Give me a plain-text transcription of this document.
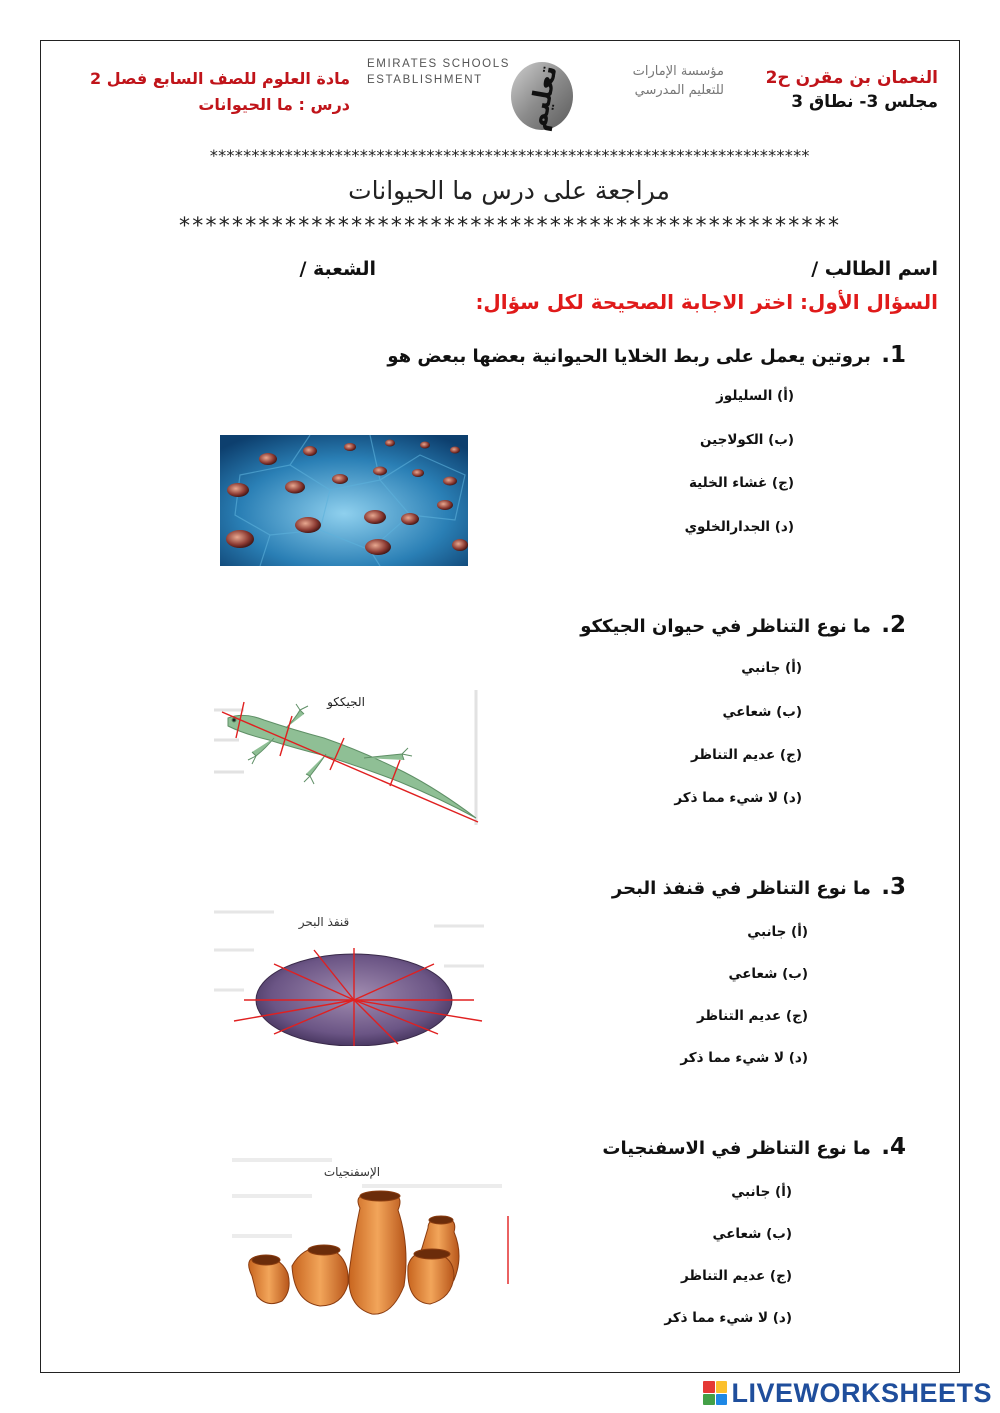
النعمان بن مقرن ح2
مجلس 3- نطاق 3
مادة العلوم للصف السابع فصل 2
درس : ما الحيوانات
EMIRATES SCHOOLS
ESTABLISHMENT	تعليم	مؤسسة الإمارات
للتعليم المدرسي
************************************************************************
مراجعة على درس ما الحيوانات
**************************************************
اسم الطالب /
الشعبة /
السؤال الأول: اختر الاجابة الصحيحة لكل سؤال:
1. بروتين يعمل على ربط الخلايا الحيوانية بعضها ببعض هو
(أ) السليلوز
(ب) الكولاجين
(ج) غشاء الخلية
(د) الجدارالخلوي
2. ما نوع التناظر في حيوان الجيككو
(أ) جانبي
(ب) شعاعي
(ج) عديم التناظر
(د) لا شيء مما ذكر
الجيككو
3. ما نوع التناظر في قنفذ البحر
(أ) جانبي
(ب) شعاعي
(ج) عديم التناظر
(د) لا شيء مما ذكر
قنفذ البحر
4. ما نوع التناظر في الاسفنجيات
(أ) جانبي
(ب) شعاعي
(ج) عديم التناظر
(د) لا شيء مما ذكر
الإسفنجيات
LIVEWORKSHEETS
